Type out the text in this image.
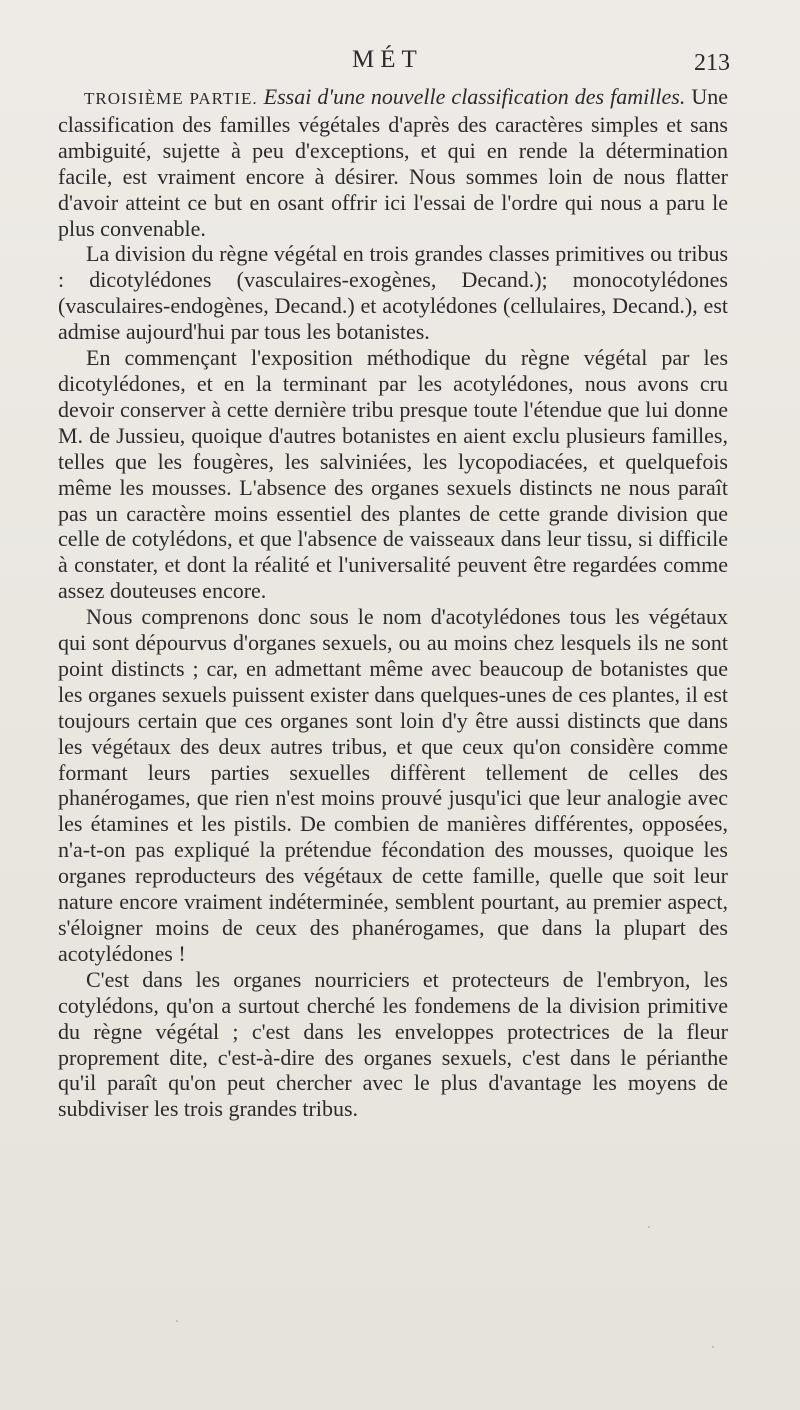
MÉT	213

TROISIÈME PARTIE. Essai d'une nouvelle classification des familles. Une classification des familles végétales d'après des caractères simples et sans ambiguité, sujette à peu d'exceptions, et qui en rende la détermination facile, est vraiment encore à désirer. Nous sommes loin de nous flatter d'avoir atteint ce but en osant offrir ici l'essai de l'ordre qui nous a paru le plus convenable.

La division du règne végétal en trois grandes classes primitives ou tribus : dicotylédones (vasculaires-exogènes, Decand.); monocotylédones (vasculaires-endogènes, Decand.) et acotylédones (cellulaires, Decand.), est admise aujourd'hui par tous les botanistes.

En commençant l'exposition méthodique du règne végétal par les dicotylédones, et en la terminant par les acotylédones, nous avons cru devoir conserver à cette dernière tribu presque toute l'étendue que lui donne M. de Jussieu, quoique d'autres botanistes en aient exclu plusieurs familles, telles que les fougères, les salviniées, les lycopodiacées, et quelquefois même les mousses. L'absence des organes sexuels distincts ne nous paraît pas un caractère moins essentiel des plantes de cette grande division que celle de cotylédons, et que l'absence de vaisseaux dans leur tissu, si difficile à constater, et dont la réalité et l'universalité peuvent être regardées comme assez douteuses encore.

Nous comprenons donc sous le nom d'acotylédones tous les végétaux qui sont dépourvus d'organes sexuels, ou au moins chez lesquels ils ne sont point distincts ; car, en admettant même avec beaucoup de botanistes que les organes sexuels puissent exister dans quelques-unes de ces plantes, il est toujours certain que ces organes sont loin d'y être aussi distincts que dans les végétaux des deux autres tribus, et que ceux qu'on considère comme formant leurs parties sexuelles diffèrent tellement de celles des phanérogames, que rien n'est moins prouvé jusqu'ici que leur analogie avec les étamines et les pistils. De combien de manières différentes, opposées, n'a-t-on pas expliqué la prétendue fécondation des mousses, quoique les organes reproducteurs des végétaux de cette famille, quelle que soit leur nature encore vraiment indéterminée, semblent pourtant, au premier aspect, s'éloigner moins de ceux des phanérogames, que dans la plupart des acotylédones !

C'est dans les organes nourriciers et protecteurs de l'embryon, les cotylédons, qu'on a surtout cherché les fondemens de la division primitive du règne végétal ; c'est dans les enveloppes protectrices de la fleur proprement dite, c'est-à-dire des organes sexuels, c'est dans le périanthe qu'il paraît qu'on peut chercher avec le plus d'avantage les moyens de subdiviser les trois grandes tribus.
